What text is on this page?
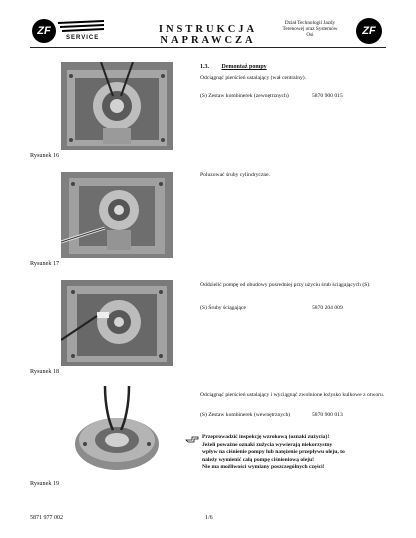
ZF
SERVICE
INSTRUKCJA
NAPRAWCZA
Dział Technologii Jazdy
Terenowej oraz Systemów
Osi	ZF
1.3. Demontaż pompy
Rysunek 16
Odciągnąć pierścień ustalający (wał centralny).
(S) Zestaw kombinerek (zewnętrznych)	5870 900 015
Rysunek 17
Poluzować śruby cylindryczne.
Rysunek 18
Oddzielić pompę od obudowy pośredniej przy użyciu śrub ściągających (S).
(S) Śruby ściągające	5870 204 009
Rysunek 19
Odciągnąć pierścień ustalający i wyciągnąć zwolnione łożysko kulkowe z otworu.
(S) Zestaw kombinerek (wewnętrznych)	5870 900 013
Przeprowadzić inspekcję wzrokową (oznaki zużycia)!
Jeżeli poważne oznaki zużycia wywierają niekorzystny
wpływ na ciśnienie pompy lub natężenie przepływu oleju, to
należy wymienić całą pompę ciśnieniową oleju!
Nie ma możliwości wymiany poszczególnych części!
5871 977 002	1/6
